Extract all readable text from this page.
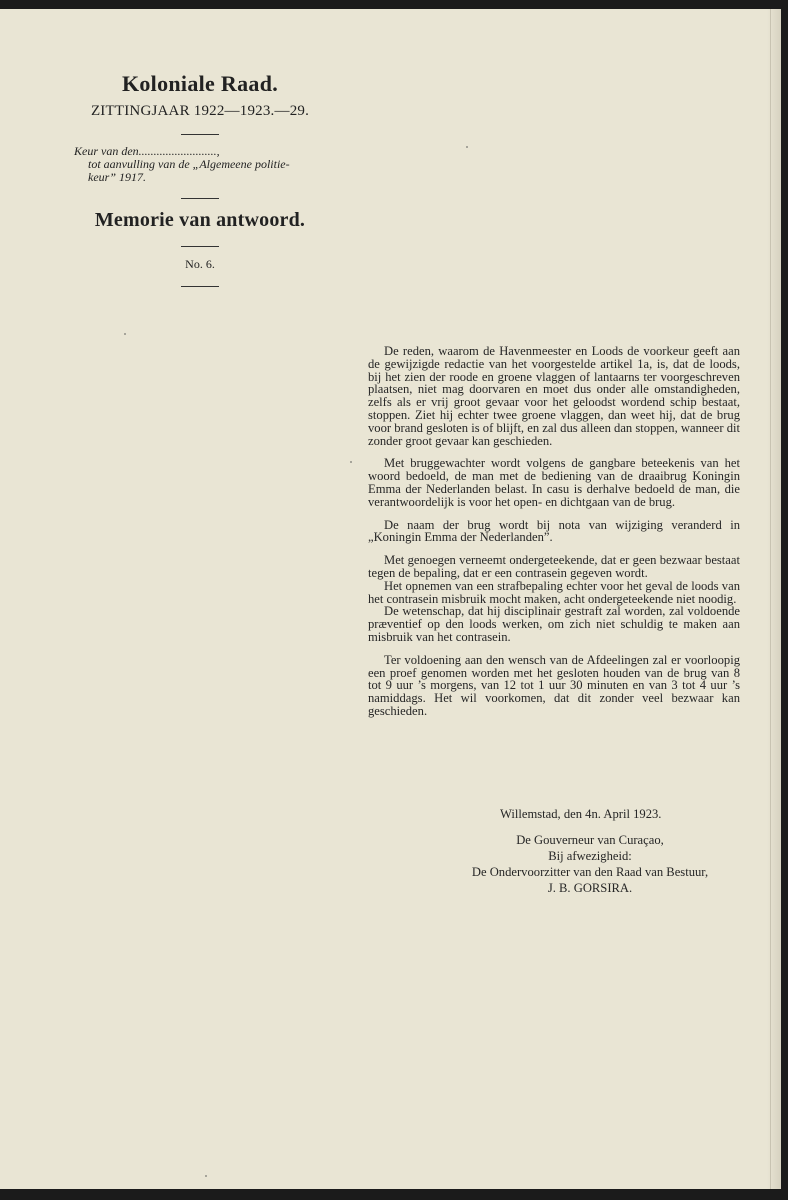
Koloniale Raad.

ZITTINGJAAR 1922—1923.—29.

Keur van den..........................,
tot aanvulling van de „Algemeene politie-
keur” 1917.
Memorie van antwoord.

No. 6.

De reden, waarom de Havenmeester en Loods de voorkeur geeft aan de gewijzigde redactie van het voorgestelde artikel 1a, is, dat de loods, bij het zien der roode en groene vlaggen of lantaarns ter voorgeschreven plaatsen, niet mag doorvaren en moet dus onder alle omstandigheden, zelfs als er vrij groot gevaar voor het geloodst wordend schip bestaat, stoppen. Ziet hij echter twee groene vlaggen, dan weet hij, dat de brug voor brand gesloten is of blijft, en zal dus alleen dan stoppen, wanneer dit zonder groot gevaar kan geschieden.

Met bruggewachter wordt volgens de gangbare beteekenis van het woord bedoeld, de man met de bediening van de draaibrug Koningin Emma der Nederlanden belast. In casu is derhalve bedoeld de man, die verantwoordelijk is voor het open- en dichtgaan van de brug.

De naam der brug wordt bij nota van wijziging veranderd in „Koningin Emma der Nederlanden”.

Met genoegen verneemt ondergeteekende, dat er geen bezwaar bestaat tegen de bepaling, dat er een contrasein gegeven wordt.

Het opnemen van een strafbepaling echter voor het geval de loods van het contrasein misbruik mocht maken, acht ondergeteekende niet noodig.

De wetenschap, dat hij disciplinair gestraft zal worden, zal voldoende præventief op den loods werken, om zich niet schuldig te maken aan misbruik van het contrasein.

Ter voldoening aan den wensch van de Afdeelingen zal er voorloopig een proef genomen worden met het gesloten houden van de brug van 8 tot 9 uur ’s morgens, van 12 tot 1 uur 30 minuten en van 3 tot 4 uur ’s namiddags. Het wil voorkomen, dat dit zonder veel bezwaar kan geschieden.

Willemstad, den 4n. April 1923.

De Gouverneur van Curaçao,

Bij afwezigheid:

De Ondervoorzitter van den Raad van Bestuur,

J. B. GORSIRA.
